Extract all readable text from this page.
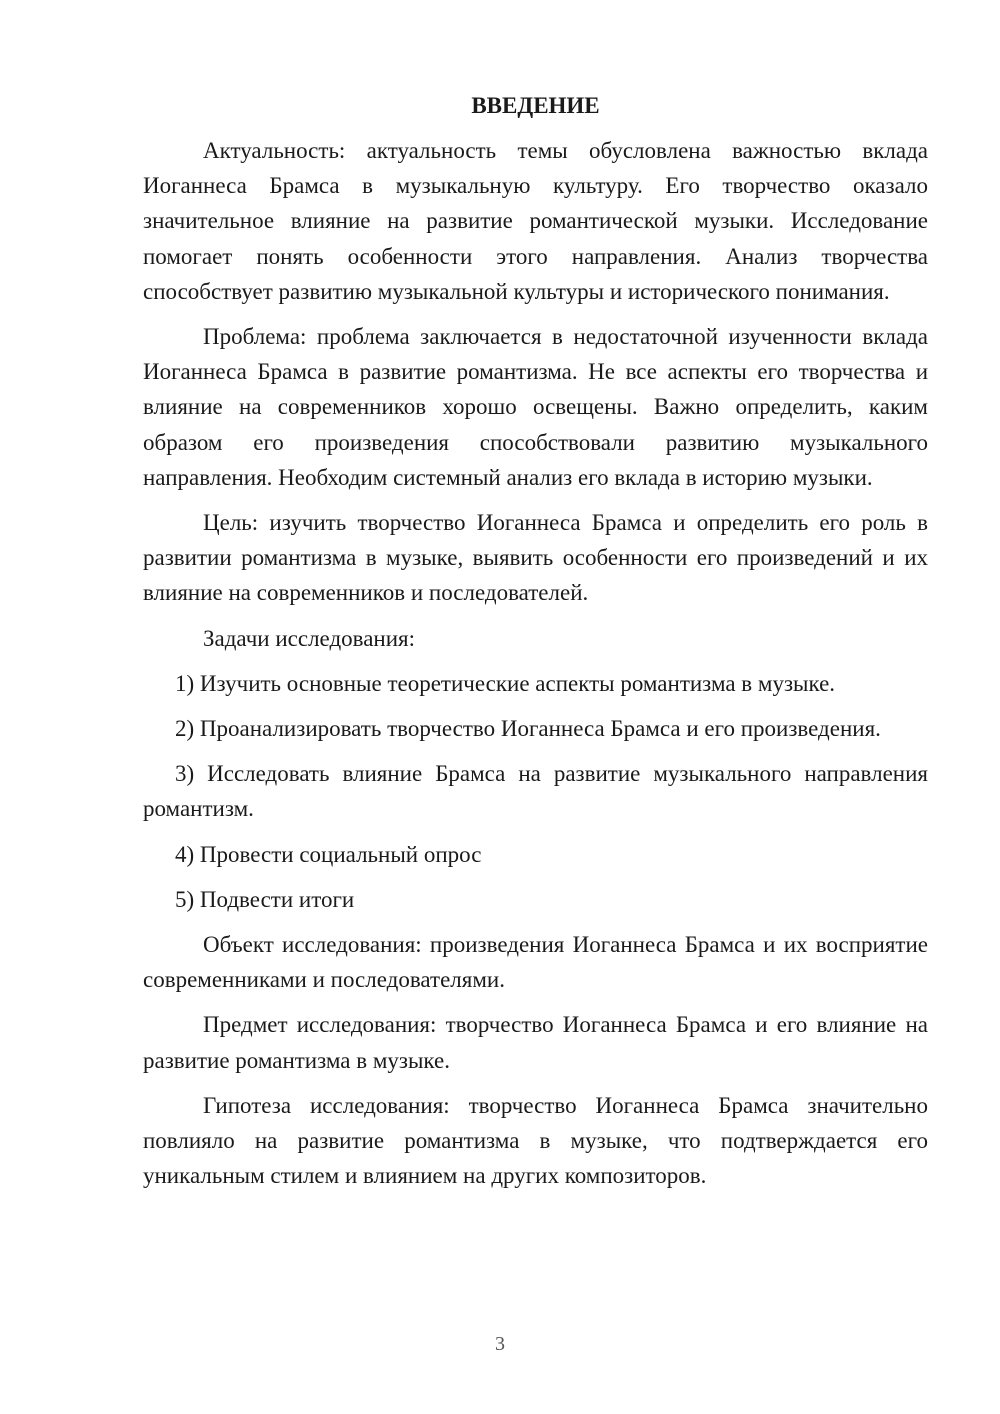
ВВЕДЕНИЕ

Актуальность: актуальность темы обусловлена важностью вклада Иоганнеса Брамса в музыкальную культуру. Его творчество оказало значительное влияние на развитие романтической музыки. Исследование помогает понять особенности этого направления. Анализ творчества способствует развитию музыкальной культуры и исторического понимания.

Проблема: проблема заключается в недостаточной изученности вклада Иоганнеса Брамса в развитие романтизма. Не все аспекты его творчества и влияние на современников хорошо освещены. Важно определить, каким образом его произведения способствовали развитию музыкального направления. Необходим системный анализ его вклада в историю музыки.

Цель: изучить творчество Иоганнеса Брамса и определить его роль в развитии романтизма в музыке, выявить особенности его произведений и их влияние на современников и последователей.

Задачи исследования:

1) Изучить основные теоретические аспекты романтизма в музыке.

2) Проанализировать творчество Иоганнеса Брамса и его произведения.

3) Исследовать влияние Брамса на развитие музыкального направления романтизм.

4) Провести социальный опрос

5) Подвести итоги

Объект исследования: произведения Иоганнеса Брамса и их восприятие современниками и последователями.

Предмет исследования: творчество Иоганнеса Брамса и его влияние на развитие романтизма в музыке.

Гипотеза исследования: творчество Иоганнеса Брамса значительно повлияло на развитие романтизма в музыке, что подтверждается его уникальным стилем и влиянием на других композиторов.

3
